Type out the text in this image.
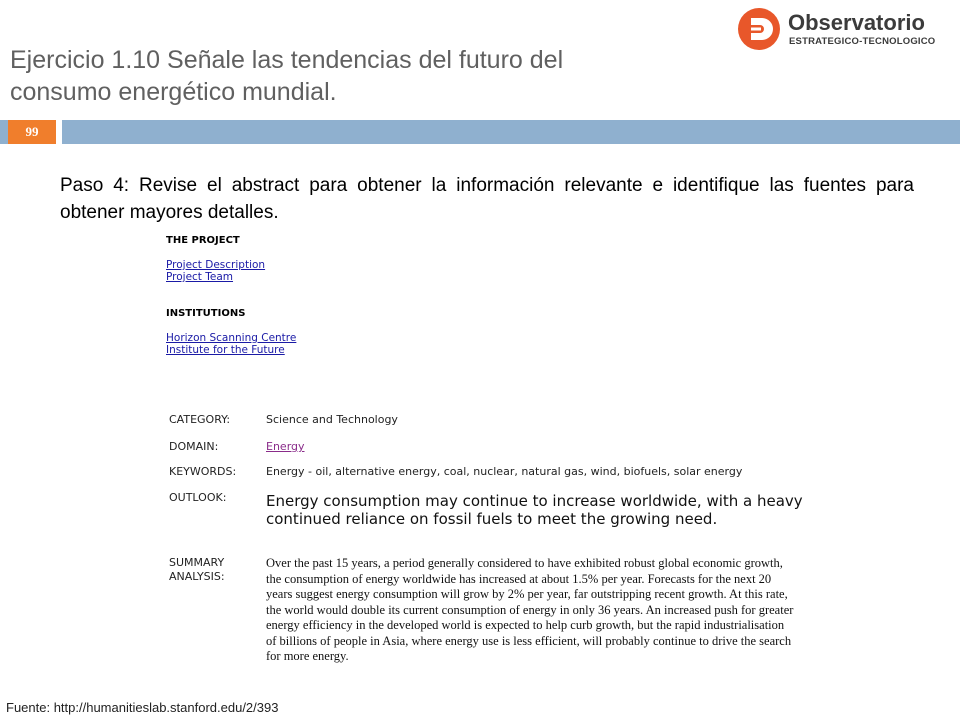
Ejercicio 1.10 Señale las tendencias del futuro del
consumo energético mundial.
Observatorio
ESTRATEGICO-TECNOLOGICO
99
Paso 4: Revise el abstract para obtener la información relevante e identifique las fuentes para obtener mayores detalles.
THE PROJECT
Project Description
Project Team
INSTITUTIONS
Horizon Scanning Centre
Institute for the Future
CATEGORY:	Science and Technology
DOMAIN:	Energy
KEYWORDS:	Energy - oil, alternative energy, coal, nuclear, natural gas, wind, biofuels, solar energy
OUTLOOK:	Energy consumption may continue to increase worldwide, with a heavy continued reliance on fossil fuels to meet the growing need.
SUMMARY
ANALYSIS:
Over the past 15 years, a period generally considered to have exhibited robust global economic growth, the consumption of energy worldwide has increased at about 1.5% per year. Forecasts for the next 20 years suggest energy consumption will grow by 2% per year, far outstripping recent growth. At this rate, the world would double its current consumption of energy in only 36 years. An increased push for greater energy efficiency in the developed world is expected to help curb growth, but the rapid industrialisation of billions of people in Asia, where energy use is less efficient, will probably continue to drive the search for more energy.
Fuente: http://humanitieslab.stanford.edu/2/393
